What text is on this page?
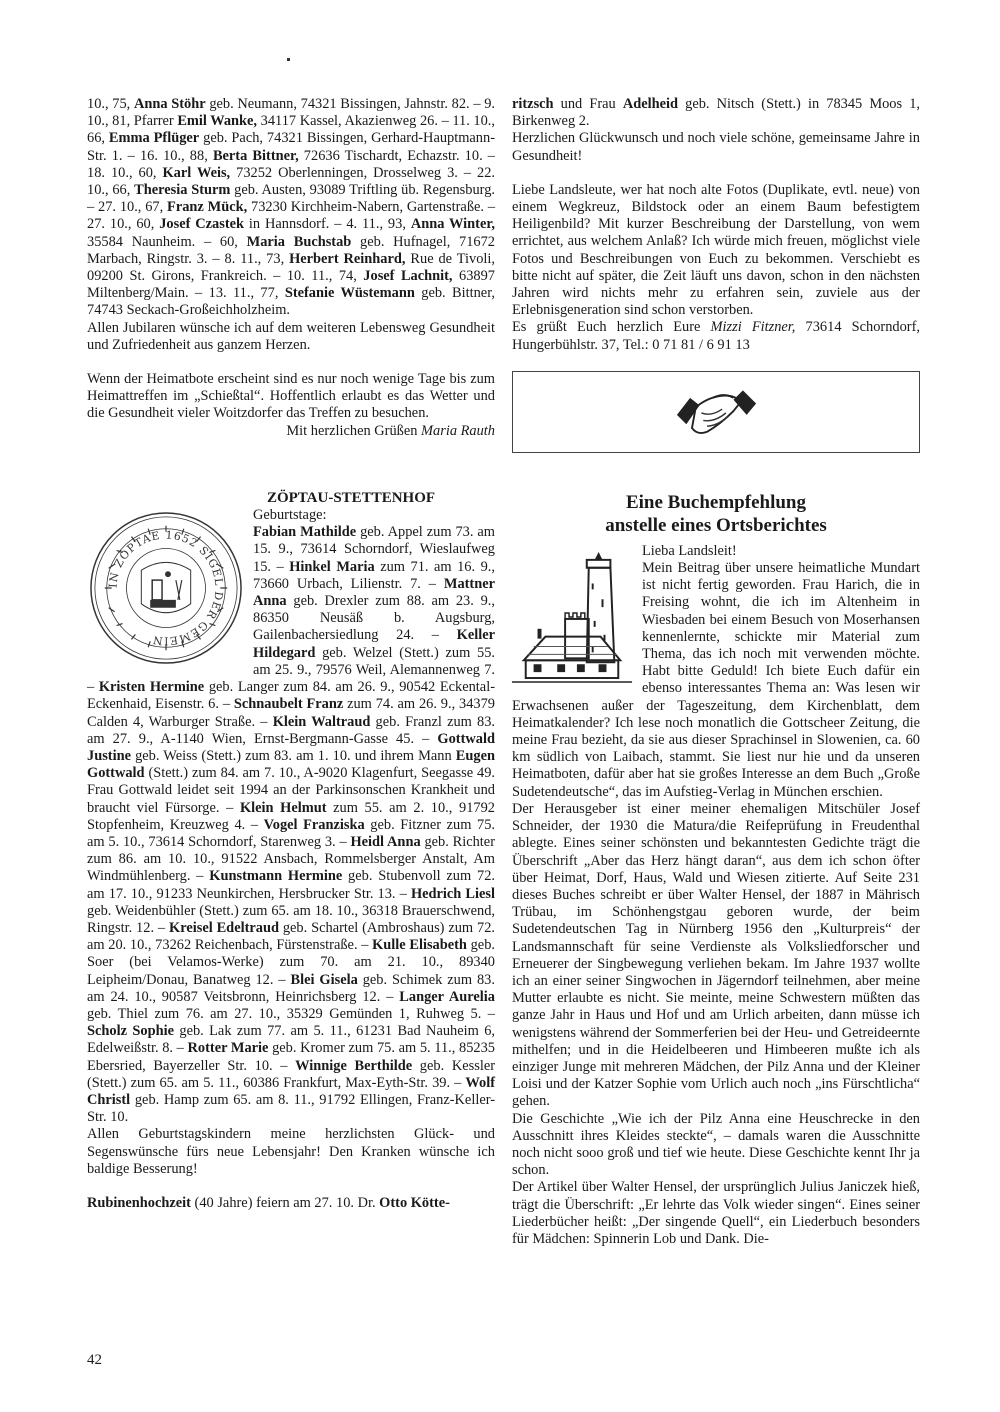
10., 75, Anna Stöhr geb. Neumann, 74321 Bissingen, Jahnstr. 82. – 9. 10., 81, Pfarrer Emil Wanke, 34117 Kassel, Akazienweg 26. – 11. 10., 66, Emma Pflüger geb. Pach, 74321 Bissingen, Gerhard-Hauptmann-Str. 1. – 16. 10., 88, Berta Bittner, 72636 Tischardt, Echazstr. 10. – 18. 10., 60, Karl Weis, 73252 Oberlenningen, Drosselweg 3. – 22. 10., 66, Theresia Sturm geb. Austen, 93089 Triftling üb. Regensburg. – 27. 10., 67, Franz Mück, 73230 Kirchheim-Nabern, Gartenstraße. – 27. 10., 60, Josef Czastek in Hannsdorf. – 4. 11., 93, Anna Winter, 35584 Naunheim. – 60, Maria Buchstab geb. Hufnagel, 71672 Marbach, Ringstr. 3. – 8. 11., 73, Herbert Reinhard, Rue de Tivoli, 09200 St. Girons, Frankreich. – 10. 11., 74, Josef Lachnit, 63897 Miltenberg/Main. – 13. 11., 77, Stefanie Wüstemann geb. Bittner, 74743 Seckach-Großeichholzheim.

Allen Jubilaren wünsche ich auf dem weiteren Lebensweg Gesundheit und Zufriedenheit aus ganzem Herzen.

Wenn der Heimatbote erscheint sind es nur noch wenige Tage bis zum Heimattreffen im „Schießtal“. Hoffentlich erlaubt es das Wetter und die Gesundheit vieler Woitzdorfer das Treffen zu besuchen.

Mit herzlichen Grüßen Maria Rauth

ZÖPTAU-STETTENHOF
IN ZÖPTAE 1652 SIGEL DER GEMEIN

Geburtstage:

Fabian Mathilde geb. Appel zum 73. am 15. 9., 73614 Schorndorf, Wieslaufweg 15. – Hinkel Maria zum 71. am 16. 9., 73660 Urbach, Lilienstr. 7. – Mattner Anna geb. Drexler zum 88. am 23. 9., 86350 Neusäß b. Augsburg, Gailenbachersiedlung 24. – Keller Hildegard geb. Welzel (Stett.) zum 55. am 25. 9., 79576 Weil, Alemannenweg 7. – Kristen Hermine geb. Langer zum 84. am 26. 9., 90542 Eckental-Eckenhaid, Eisenstr. 6. – Schnaubelt Franz zum 74. am 26. 9., 34379 Calden 4, Warburger Straße. – Klein Waltraud geb. Franzl zum 83. am 27. 9., A-1140 Wien, Ernst-Bergmann-Gasse 45. – Gottwald Justine geb. Weiss (Stett.) zum 83. am 1. 10. und ihrem Mann Eugen Gottwald (Stett.) zum 84. am 7. 10., A-9020 Klagenfurt, Seegasse 49. Frau Gottwald leidet seit 1994 an der Parkinsonschen Krankheit und braucht viel Fürsorge. – Klein Helmut zum 55. am 2. 10., 91792 Stopfenheim, Kreuzweg 4. – Vogel Franziska geb. Fitzner zum 75. am 5. 10., 73614 Schorndorf, Starenweg 3. – Heidl Anna geb. Richter zum 86. am 10. 10., 91522 Ansbach, Rommelsberger Anstalt, Am Windmühlenberg. – Kunstmann Hermine geb. Stubenvoll zum 72. am 17. 10., 91233 Neunkirchen, Hersbrucker Str. 13. – Hedrich Liesl geb. Weidenbühler (Stett.) zum 65. am 18. 10., 36318 Brauerschwend, Ringstr. 12. – Kreisel Edeltraud geb. Schartel (Ambroshaus) zum 72. am 20. 10., 73262 Reichenbach, Fürstenstraße. – Kulle Elisabeth geb. Soer (bei Velamos-Werke) zum 70. am 21. 10., 89340 Leipheim/Donau, Banatweg 12. – Blei Gisela geb. Schimek zum 83. am 24. 10., 90587 Veitsbronn, Heinrichsberg 12. – Langer Aurelia geb. Thiel zum 76. am 27. 10., 35329 Gemünden 1, Ruhweg 5. – Scholz Sophie geb. Lak zum 77. am 5. 11., 61231 Bad Nauheim 6, Edelweißstr. 8. – Rotter Marie geb. Kromer zum 75. am 5. 11., 85235 Ebersried, Bayerzeller Str. 10. – Winnige Berthilde geb. Kessler (Stett.) zum 65. am 5. 11., 60386 Frankfurt, Max-Eyth-Str. 39. – Wolf Christl geb. Hamp zum 65. am 8. 11., 91792 Ellingen, Franz-Keller-Str. 10.

Allen Geburtstagskindern meine herzlichsten Glück- und Segenswünsche fürs neue Lebensjahr! Den Kranken wünsche ich baldige Besserung!

Rubinenhochzeit (40 Jahre) feiern am 27. 10. Dr. Otto Kötte-

ritzsch und Frau Adelheid geb. Nitsch (Stett.) in 78345 Moos 1, Birkenweg 2.

Herzlichen Glückwunsch und noch viele schöne, gemeinsame Jahre in Gesundheit!

Liebe Landsleute, wer hat noch alte Fotos (Duplikate, evtl. neue) von einem Wegkreuz, Bildstock oder an einem Baum befestigtem Heiligenbild? Mit kurzer Beschreibung der Darstellung, von wem errichtet, aus welchem Anlaß? Ich würde mich freuen, möglichst viele Fotos und Beschreibungen von Euch zu bekommen. Verschiebt es bitte nicht auf später, die Zeit läuft uns davon, schon in den nächsten Jahren wird nichts mehr zu erfahren sein, zuviele aus der Erlebnisgeneration sind schon verstorben.

Es grüßt Euch herzlich Eure Mizzi Fitzner, 73614 Schorndorf, Hungerbühlstr. 37, Tel.: 0 71 81 / 6 91 13

Eine Buchempfehlung
anstelle eines Ortsberichtes

Lieba Landsleit!

Mein Beitrag über unsere heimatliche Mundart ist nicht fertig geworden. Frau Harich, die in Freising wohnt, die ich im Altenheim in Wiesbaden bei einem Besuch von Moserhansen kennenlernte, schickte mir Material zum Thema, das ich noch mit verwenden möchte. Habt bitte Geduld! Ich biete Euch dafür ein ebenso interessantes Thema an: Was lesen wir Erwachsenen außer der Tageszeitung, dem Kirchenblatt, dem Heimatkalender? Ich lese noch monatlich die Gottscheer Zeitung, die meine Frau bezieht, da sie aus dieser Sprachinsel in Slowenien, ca. 60 km südlich von Laibach, stammt. Sie liest nur hie und da unseren Heimatboten, dafür aber hat sie großes Interesse an dem Buch „Große Sudetendeutsche“, das im Aufstieg-Verlag in München erschien.

Der Herausgeber ist einer meiner ehemaligen Mitschüler Josef Schneider, der 1930 die Matura/die Reifeprüfung in Freudenthal ablegte. Eines seiner schönsten und bekanntesten Gedichte trägt die Überschrift „Aber das Herz hängt daran“, aus dem ich schon öfter über Heimat, Dorf, Haus, Wald und Wiesen zitierte. Auf Seite 231 dieses Buches schreibt er über Walter Hensel, der 1887 in Mährisch Trübau, im Schönhengstgau geboren wurde, der beim Sudetendeutschen Tag in Nürnberg 1956 den „Kulturpreis“ der Landsmannschaft für seine Verdienste als Volksliedforscher und Erneuerer der Singbewegung verliehen bekam. Im Jahre 1937 wollte ich an einer seiner Singwochen in Jägerndorf teilnehmen, aber meine Mutter erlaubte es nicht. Sie meinte, meine Schwestern müßten das ganze Jahr in Haus und Hof und am Urlich arbeiten, dann müsse ich wenigstens während der Sommerferien bei der Heu- und Getreideernte mithelfen; und in die Heidelbeeren und Himbeeren mußte ich als einziger Junge mit mehreren Mädchen, der Pilz Anna und der Kleiner Loisi und der Katzer Sophie vom Urlich auch noch „ins Fürschtlicha“ gehen.

Die Geschichte „Wie ich der Pilz Anna eine Heuschrecke in den Ausschnitt ihres Kleides steckte“, – damals waren die Ausschnitte noch nicht sooo groß und tief wie heute. Diese Geschichte kennt Ihr ja schon.

Der Artikel über Walter Hensel, der ursprünglich Julius Janiczek hieß, trägt die Überschrift: „Er lehrte das Volk wieder singen“. Eines seiner Liederbücher heißt: „Der singende Quell“, ein Liederbuch besonders für Mädchen: Spinnerin Lob und Dank. Die-

42
